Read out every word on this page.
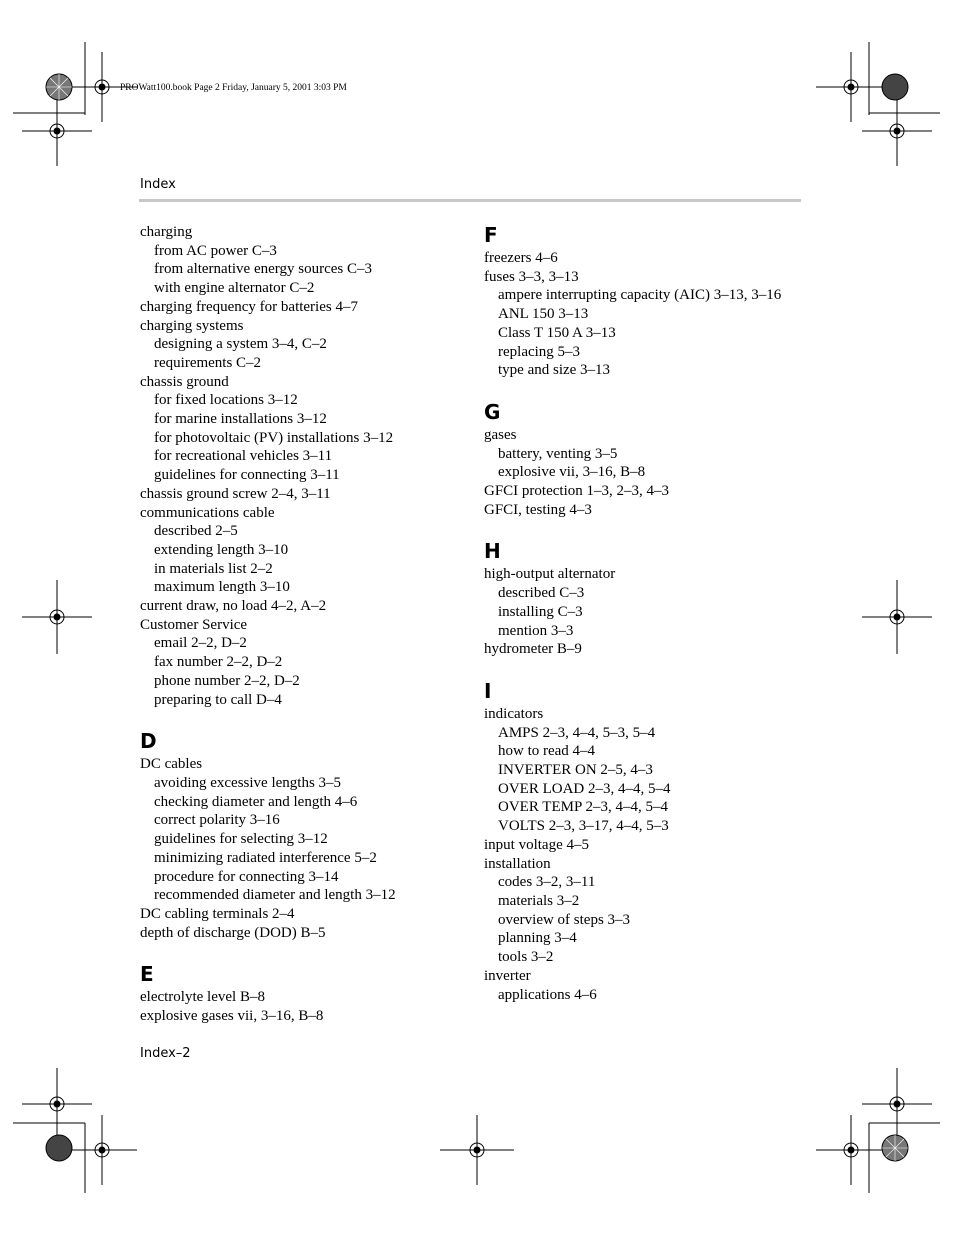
PROWatt100.book Page 2 Friday, January 5, 2001 3:03 PM
Index
charging
from AC power C–3
from alternative energy sources C–3
with engine alternator C–2
charging frequency for batteries 4–7
charging systems
designing a system 3–4, C–2
requirements C–2
chassis ground
for fixed locations 3–12
for marine installations 3–12
for photovoltaic (PV) installations 3–12
for recreational vehicles 3–11
guidelines for connecting 3–11
chassis ground screw 2–4, 3–11
communications cable
described 2–5
extending length 3–10
in materials list 2–2
maximum length 3–10
current draw, no load 4–2, A–2
Customer Service
email 2–2, D–2
fax number 2–2, D–2
phone number 2–2, D–2
preparing to call D–4
D
DC cables
avoiding excessive lengths 3–5
checking diameter and length 4–6
correct polarity 3–16
guidelines for selecting 3–12
minimizing radiated interference 5–2
procedure for connecting 3–14
recommended diameter and length 3–12
DC cabling terminals 2–4
depth of discharge (DOD) B–5
E
electrolyte level B–8
explosive gases vii, 3–16, B–8
F
freezers 4–6
fuses 3–3, 3–13
ampere interrupting capacity (AIC) 3–13, 3–16
ANL 150 3–13
Class T 150 A 3–13
replacing 5–3
type and size 3–13
G
gases
battery, venting 3–5
explosive vii, 3–16, B–8
GFCI protection 1–3, 2–3, 4–3
GFCI, testing 4–3
H
high-output alternator
described C–3
installing C–3
mention 3–3
hydrometer B–9
I
indicators
AMPS 2–3, 4–4, 5–3, 5–4
how to read 4–4
INVERTER ON 2–5, 4–3
OVER LOAD 2–3, 4–4, 5–4
OVER TEMP 2–3, 4–4, 5–4
VOLTS 2–3, 3–17, 4–4, 5–3
input voltage 4–5
installation
codes 3–2, 3–11
materials 3–2
overview of steps 3–3
planning 3–4
tools 3–2
inverter
applications 4–6
Index–2
